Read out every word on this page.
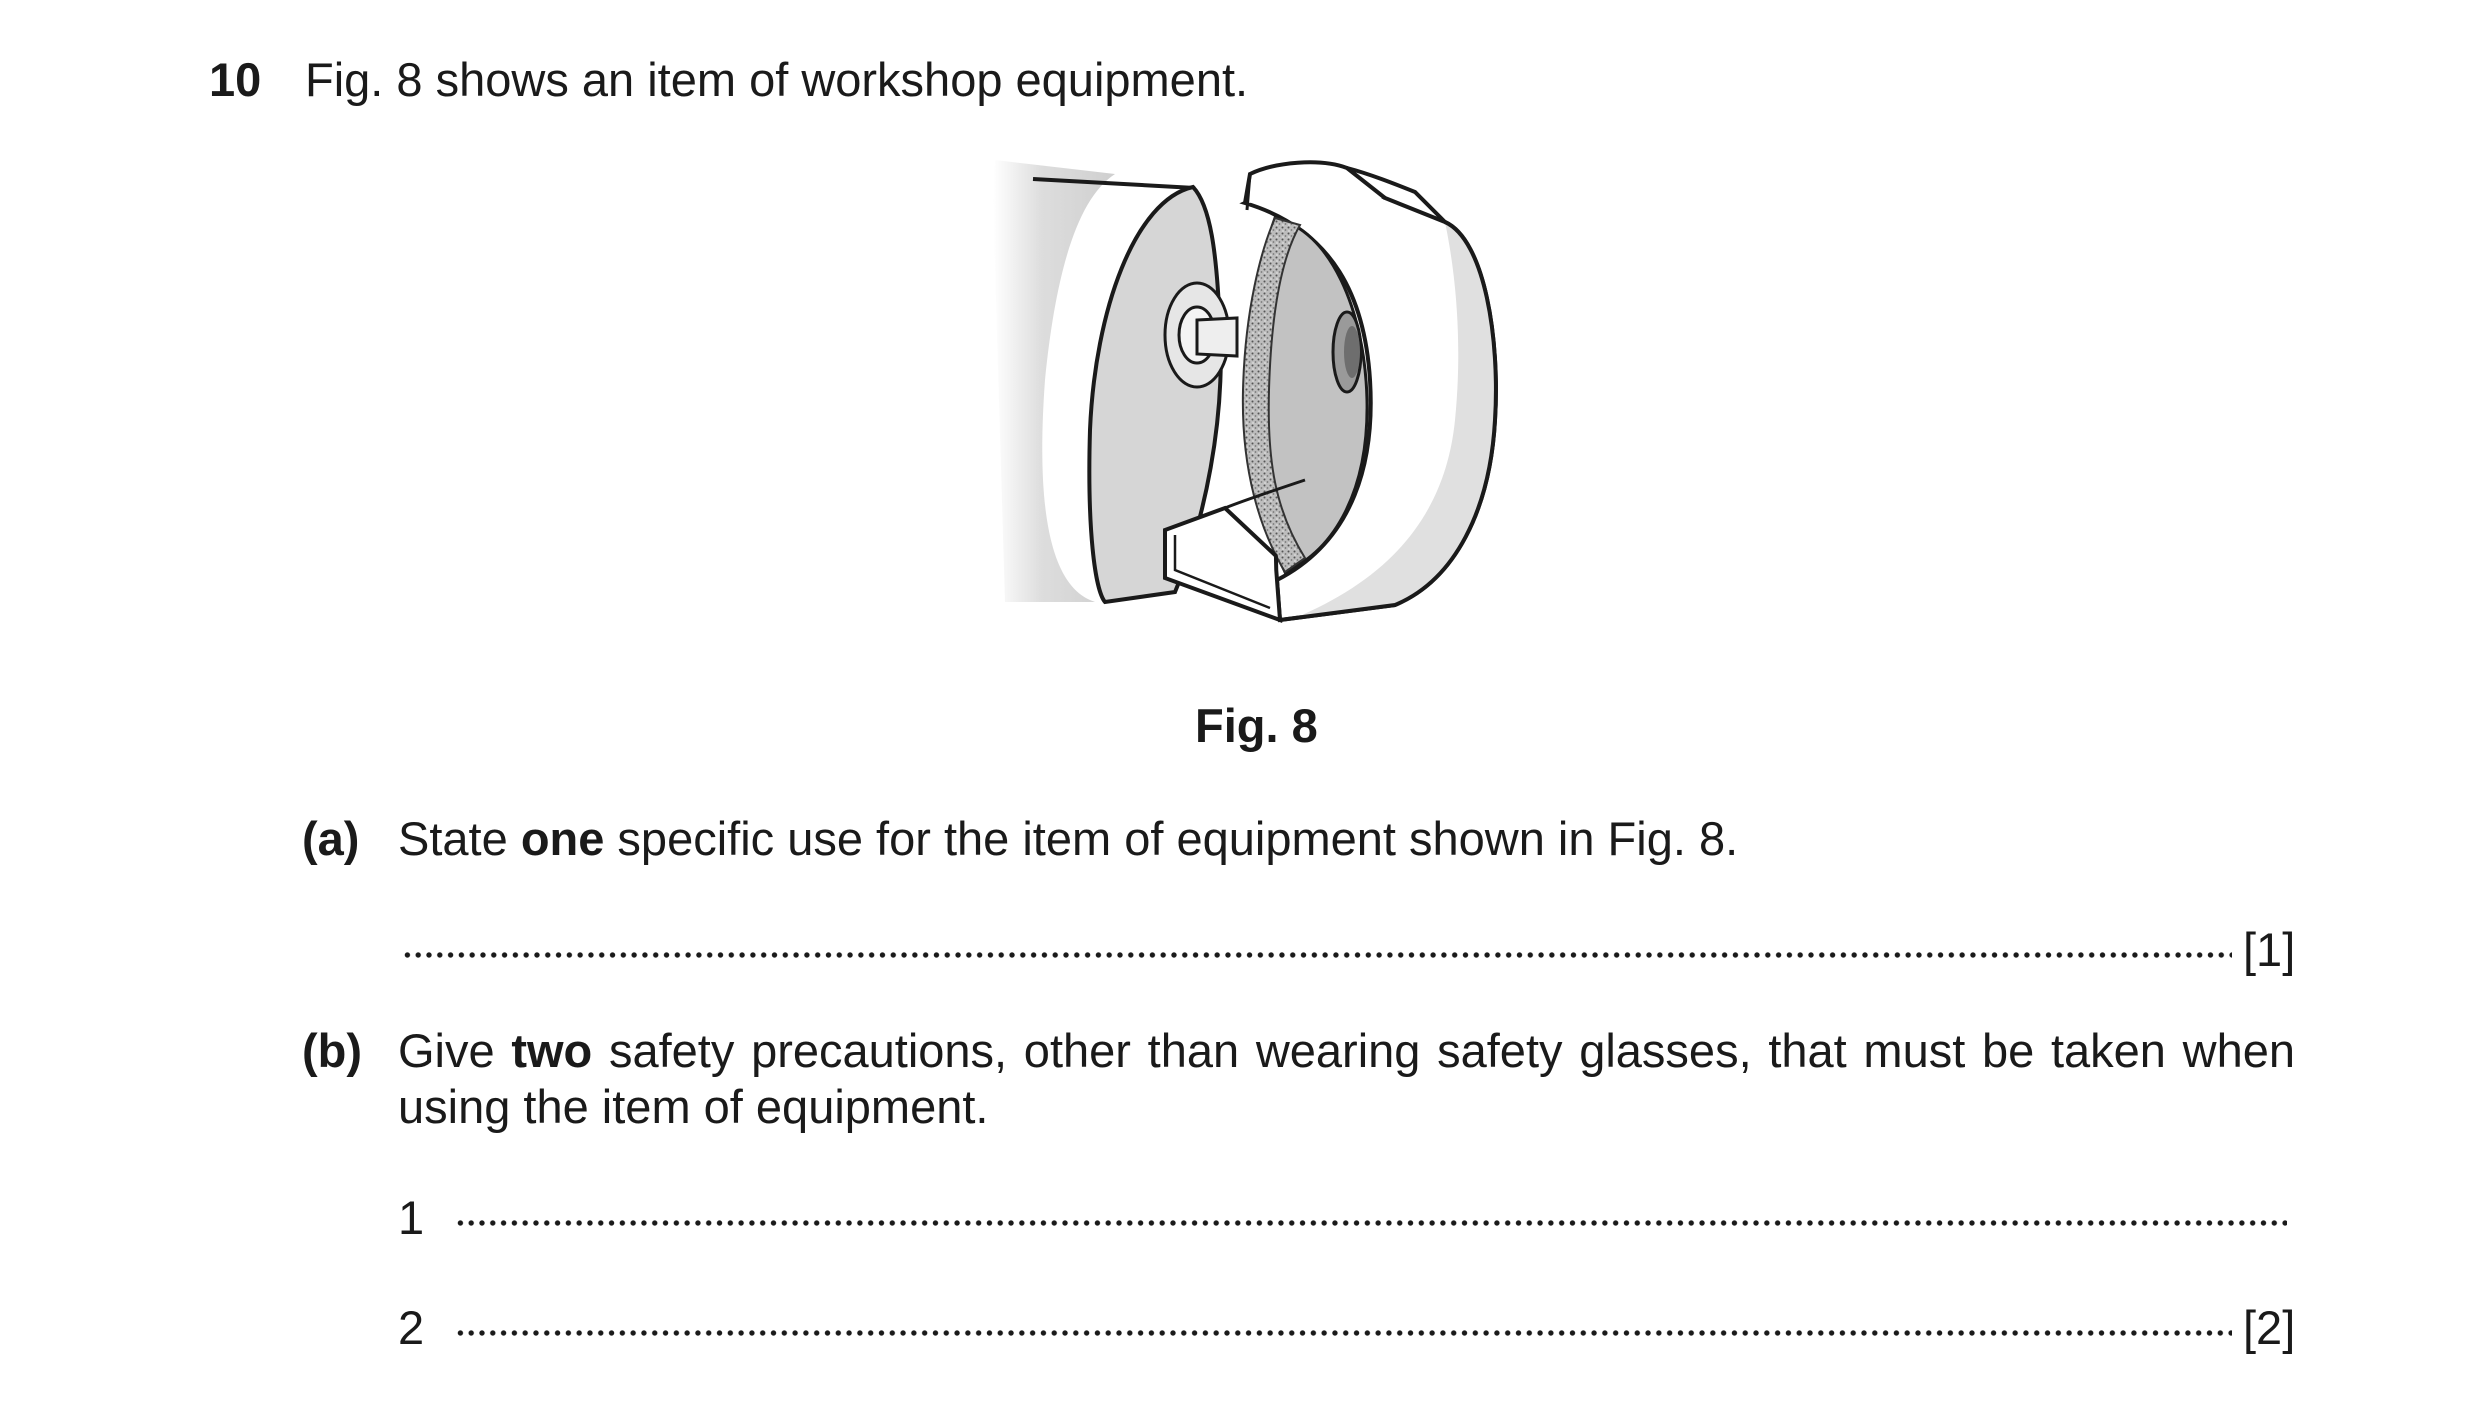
10 Fig. 8 shows an item of workshop equipment.
Fig. 8
(a) State one specific use for the item of equipment shown in Fig. 8.
[1]
(b) Give two safety precautions, other than wearing safety glasses, that must be taken when using the item of equipment.
1
2	[2]
